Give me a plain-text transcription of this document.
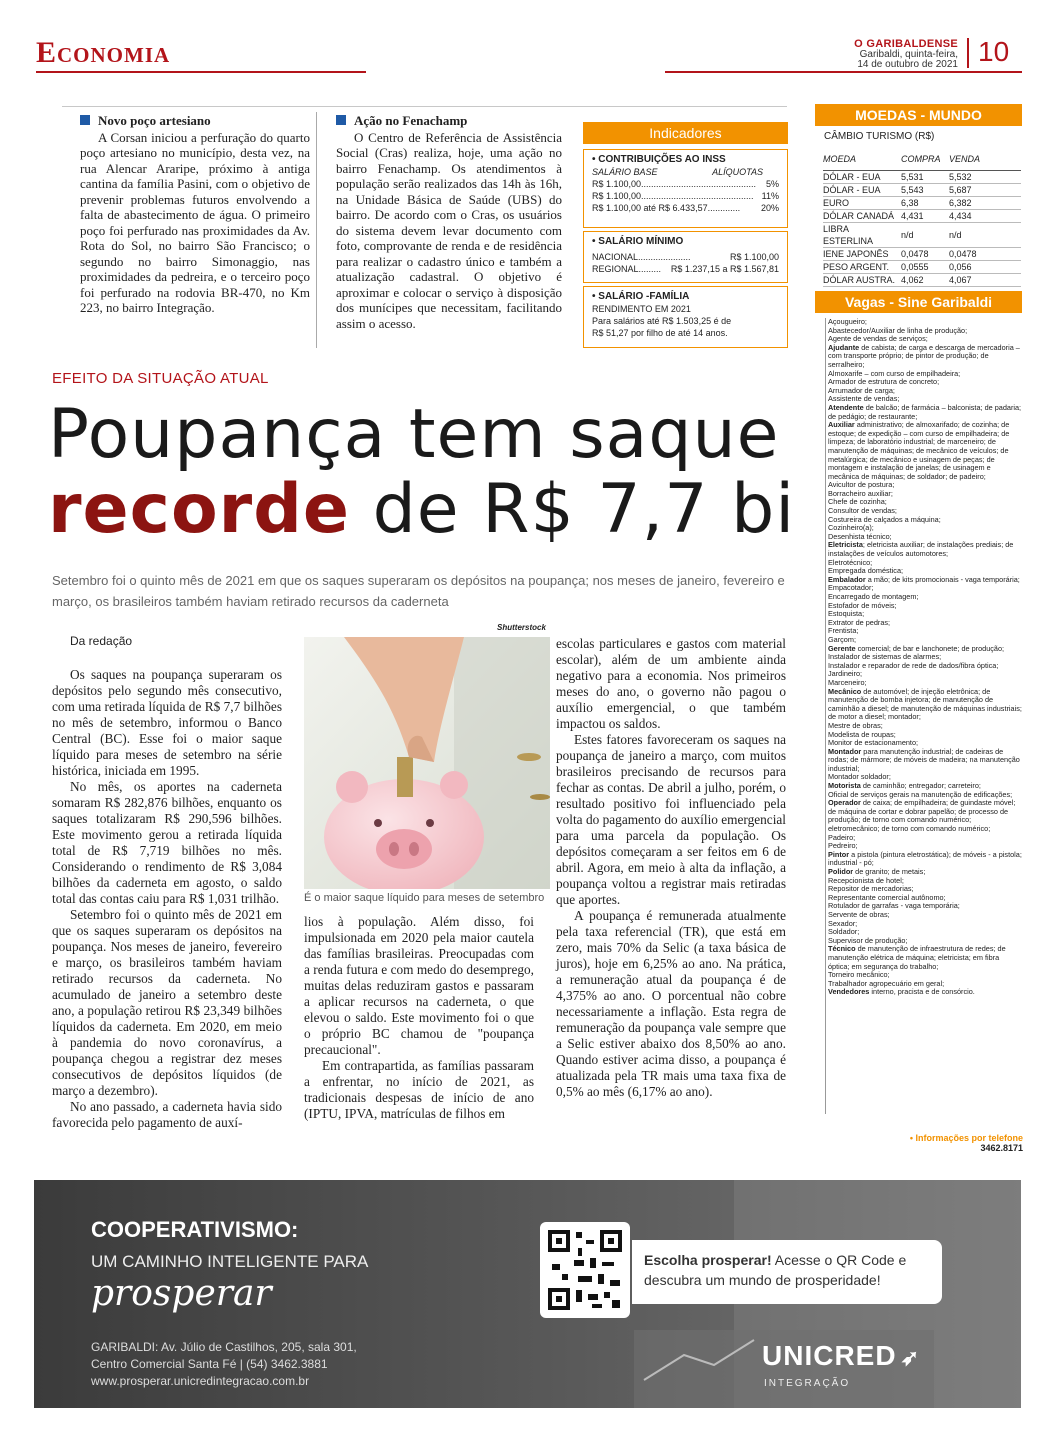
Economia	O GARIBALDENSE
Garibaldi, quinta-feira,
14 de outubro de 2021 10
Novo poço artesiano

A Corsan iniciou a perfuração do quarto poço artesiano no município, desta vez, na rua Alencar Araripe, próximo à antiga cantina da família Pasini, com o objetivo de prevenir problemas futuros envolvendo a falta de abastecimento de água. O primeiro poço foi perfurado nas proximidades da Av. Rota do Sol, no bairro São Francisco; o segundo no bairro Simonaggio, nas proximidades da pedreira, e o terceiro poço foi perfurado na rodovia BR-470, no Km 223, no bairro Integração.

Ação no Fenachamp

O Centro de Referência de Assistência Social (Cras) realiza, hoje, uma ação no bairro Fenachamp. Os atendimentos à população serão realizados das 14h às 16h, na Unidade Básica de Saúde (UBS) do bairro. De acordo com o Cras, os usuários do sistema devem levar documento com foto, comprovante de renda e de residência para realizar o cadastro único e também a atualização cadastral. O objetivo é aproximar e colocar o serviço à disposição dos munícipes que necessitam, facilitando assim o acesso.

Indicadores
• CONTRIBUIÇÕES AO INSS
SALÁRIO BASE	ALÍQUOTAS
R$ 1.100,00.............................................. 5%
R$ 1.100,00............................................. 11%
R$ 1.100,00 até R$ 6.433,57............. 20%
• SALÁRIO MÍNIMO
NACIONAL.....................	R$ 1.100,00
REGIONAL......... R$ 1.237,15 a R$ 1.567,81
• SALÁRIO -FAMÍLIA
RENDIMENTO EM 2021
Para salários até R$ 1.503,25 é de
R$ 51,27 por filho de até 14 anos.
MOEDAS - MUNDO
CÂMBIO TURISMO (R$)
MOEDA	COMPRA	VENDA
DÓLAR - EUA	5,531	5,532
DÓLAR - EUA	5,543	5,687
EURO	6,38	6,382
DÓLAR CANADÁ	4,431	4,434
LIBRA ESTERLINA	n/d	n/d
IENE JAPONÊS	0,0478	0,0478
PESO ARGENT.	0,0555	0,056
DÓLAR AUSTRA.	4,062	4,067
Vagas - Sine Garibaldi
Açougueiro;
Abastecedor/Auxiliar de linha de produção;
Agente de vendas de serviços;
Ajudante de cabista; de carga e descarga de mercadoria – com transporte próprio; de pintor de produção; de serralheiro;
Almoxarife – com curso de empilhadeira;
Armador de estrutura de concreto;
Arrumador de carga;
Assistente de vendas;
Atendente de balcão; de farmácia – balconista; de padaria; de pedágio; de restaurante;
Auxiliar administrativo; de almoxarifado; de cozinha; de estoque; de expedição – com curso de empilhadeira; de limpeza; de laboratório industrial; de marceneiro; de manutenção de máquinas; de mecânico de veículos; de metalúrgica; de mecânico e usinagem de peças; de montagem e instalação de janelas; de usinagem e mecânica de máquinas; de soldador; de padeiro;
Avicultor de postura;
Borracheiro auxiliar;
Chefe de cozinha;
Consultor de vendas;
Costureira de calçados a máquina;
Cozinheiro(a);
Desenhista técnico;
Eletricista; eletricista auxiliar; de instalações prediais; de instalações de veículos automotores;
Eletrotécnico;
Empregada doméstica;
Embalador a mão; de kits promocionais - vaga temporária;
Empacotador;
Encarregado de montagem;
Estofador de móveis;
Estoquista;
Extrator de pedras;
Frentista;
Garçom;
Gerente comercial; de bar e lanchonete; de produção;
Instalador de sistemas de alarmes;
Instalador e reparador de rede de dados/fibra óptica;
Jardineiro;
Marceneiro;
Mecânico de automóvel; de injeção eletrônica; de manutenção de bomba injetora; de manutenção de caminhão a diesel; de manutenção de máquinas industriais; de motor a diesel; montador;
Mestre de obras;
Modelista de roupas;
Monitor de estacionamento;
Montador para manutenção industrial; de cadeiras de rodas; de mármore; de móveis de madeira; na manutenção industrial;
Montador soldador;
Motorista de caminhão; entregador; carreteiro;
Oficial de serviços gerais na manutenção de edificações;
Operador de caixa; de empilhadeira; de guindaste móvel; de máquina de cortar e dobrar papelão; de processo de produção; de torno com comando numérico; eletromecânico; de torno com comando numérico;
Padeiro;
Pedreiro;
Pintor a pistola (pintura eletrostática); de móveis - a pistola; industrial - pó;
Polidor de granito; de metais;
Recepcionista de hotel;
Repositor de mercadorias;
Representante comercial autônomo;
Rotulador de garrafas - vaga temporária;
Servente de obras;
Sexador;
Soldador;
Supervisor de produção;
Técnico de manutenção de infraestrutura de redes; de manutenção elétrica de máquina; eletricista; em fibra óptica; em segurança do trabalho;
Torneiro mecânico;
Trabalhador agropecuário em geral;
Vendedores interno, pracista e de consórcio.
• Informações por telefone 3462.8171
EFEITO DA SITUAÇÃO ATUAL
Poupança tem saque
recorde de R$ 7,7 bi
Setembro foi o quinto mês de 2021 em que os saques superaram os depósitos na poupança; nos meses de janeiro, fevereiro e março, os brasileiros também haviam retirado recursos da caderneta
Da redação

Os saques na poupança superaram os depósitos pelo segundo mês consecutivo, com uma retirada líquida de R$ 7,7 bilhões no mês de setembro, informou o Banco Central (BC). Esse foi o maior saque líquido para meses de setembro na série histórica, iniciada em 1995.

No mês, os aportes na caderneta somaram R$ 282,876 bilhões, enquanto os saques totalizaram R$ 290,596 bilhões. Este movimento gerou a retirada líquida total de R$ 7,719 bilhões no mês. Considerando o rendimento de R$ 3,084 bilhões da caderneta em agosto, o saldo total das contas caiu para R$ 1,031 trilhão.

Setembro foi o quinto mês de 2021 em que os saques superaram os depósitos na poupança. Nos meses de janeiro, fevereiro e março, os brasileiros também haviam retirado recursos da caderneta. No acumulado de janeiro a setembro deste ano, a população retirou R$ 23,349 bilhões líquidos da caderneta. Em 2020, em meio à pandemia do novo coronavírus, a poupança chegou a registrar dez meses consecutivos de depósitos líquidos (de março a dezembro).

No ano passado, a caderneta havia sido favorecida pelo pagamento de auxí-

Shutterstock
É o maior saque líquido para meses de setembro

lios à população. Além disso, foi impulsionada em 2020 pela maior cautela das famílias brasileiras. Preocupadas com a renda futura e com medo do desemprego, muitas delas reduziram gastos e passaram a aplicar recursos na caderneta, o que elevou o saldo. Este movimento foi o que o próprio BC chamou de "poupança precaucional".

Em contrapartida, as famílias passaram a enfrentar, no início de 2021, as tradicionais despesas de início de ano (IPTU, IPVA, matrículas de filhos em

escolas particulares e gastos com material escolar), além de um ambiente ainda negativo para a economia. Nos primeiros meses do ano, o governo não pagou o auxílio emergencial, o que também impactou os saldos.

Estes fatores favoreceram os saques na poupança de janeiro a março, com muitos brasileiros precisando de recursos para fechar as contas. De abril a julho, porém, o resultado positivo foi influenciado pela volta do pagamento do auxílio emergencial para uma parcela da população. Os depósitos começaram a ser feitos em 6 de abril. Agora, em meio à alta da inflação, a poupança voltou a registrar mais retiradas que aportes.

A poupança é remunerada atualmente pela taxa referencial (TR), que está em zero, mais 70% da Selic (a taxa básica de juros), hoje em 6,25% ao ano. Na prática, a remuneração atual da poupança é de 4,375% ao ano. O porcentual não cobre necessariamente a inflação. Esta regra de remuneração da poupança vale sempre que a Selic estiver abaixo dos 8,50% ao ano. Quando estiver acima disso, a poupança é atualizada pela TR mais uma taxa fixa de 0,5% ao mês (6,17% ao ano).

COOPERATIVISMO:
UM CAMINHO INTELIGENTE PARA
prosperar
GARIBALDI: Av. Júlio de Castilhos, 205, sala 301,
Centro Comercial Santa Fé | (54) 3462.3881
www.prosperar.unicredintegracao.com.br
Escolha prosperar! Acesse o QR Code e
descubra um mundo de prosperidade!
UNICRED ➶
INTEGRAÇÃO
